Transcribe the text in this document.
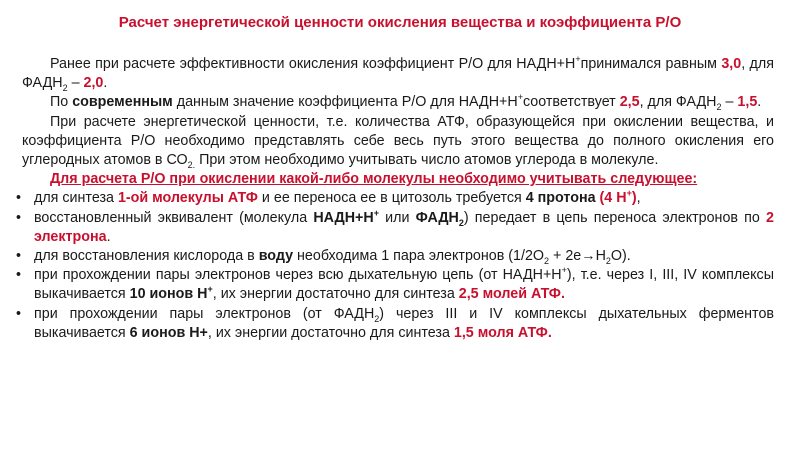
Расчет энергетической ценности окисления вещества и коэффициента Р/О

Ранее при расчете эффективности окисления коэффициент Р/О для НАДН+Н+принимался равным 3,0, для $ФАДН_2 - 2,0$.

По современным данным значение коэффициента Р/О для НАДН+Н+соответствует 2,5, для $ФАДН_2 - 1,5$.

При расчете энергетической ценности, т.е. количества АТФ, образующейся при окислении вещества, и коэффициента Р/О необходимо представлять себе весь путь этого вещества до полного окисления его углеродных атомов в $СО_{2.}$ При этом необходимо учитывать число атомов углерода в молекуле.

Для расчета Р/О при окислении какой-либо молекулы необходимо учитывать следующее:

• для синтеза 1-ой молекулы АТФ и ее переноса ее в цитозоль требуется 4 протона (4 Н+),
• восстановленный эквивалент (молекула НАДН+Н+ или $ФАДН_2$) передает в цепь переноса электронов по 2 электрона.
• для восстановления кислорода в воду необходима 1 пара электронов $(1/2О_2 + 2е\to Н_2О)$.
• при прохождении пары электронов через всю дыхательную цепь (от НАДН+Н+), т.е. через I, III, IV комплексы выкачивается 10 ионов Н+, их энергии достаточно для синтеза 2,5 молей АТФ.
• при прохождении пары электронов (от $ФАДН_2$) через III и IV комплексы дыхательных ферментов выкачивается 6 ионов Н+, их энергии достаточно для синтеза 1,5 моля АТФ.
